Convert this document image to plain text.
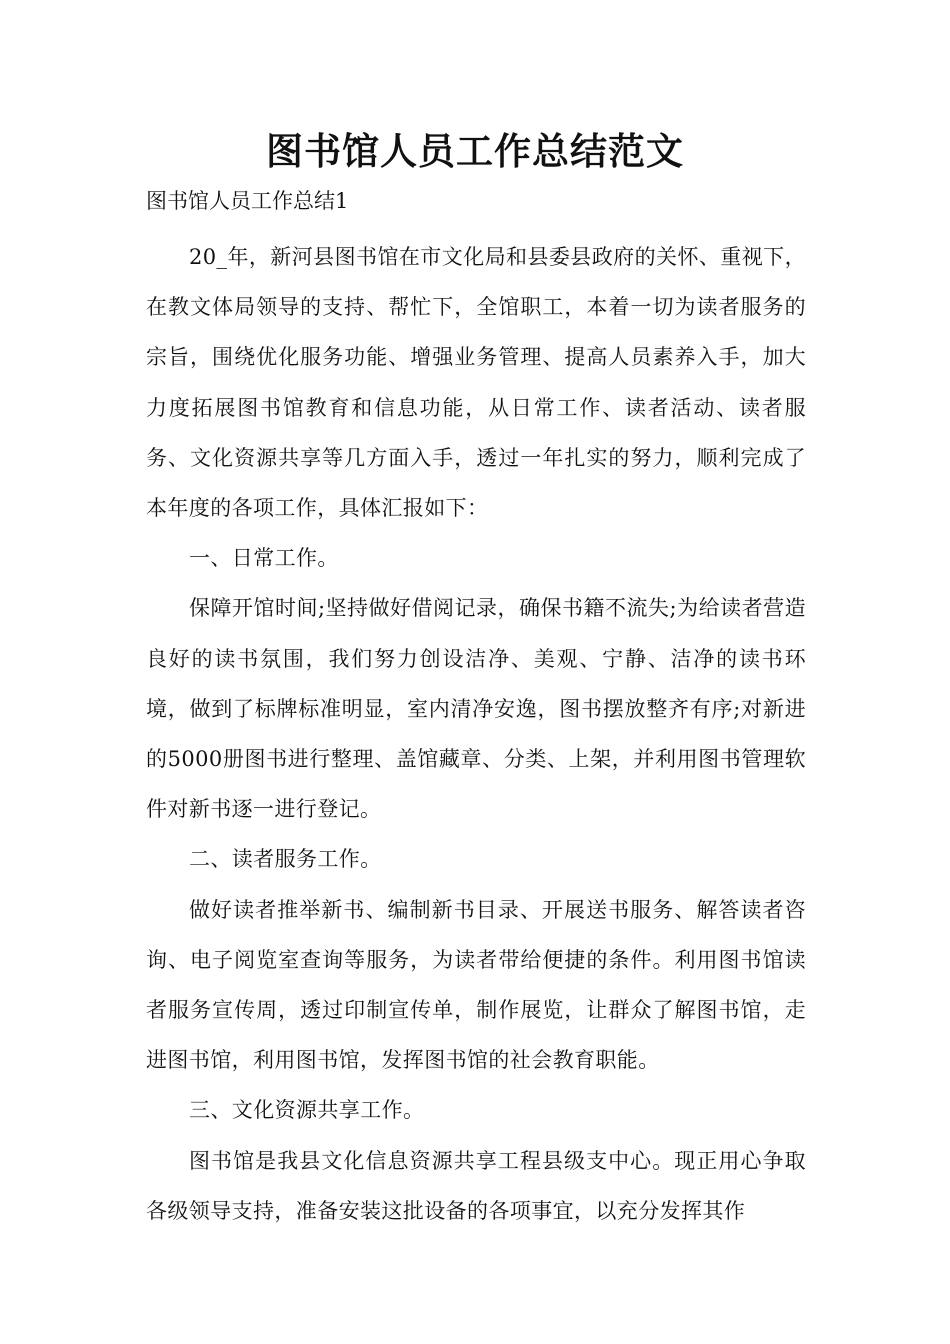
图书馆人员工作总结范文
图书馆人员工作总结1

20_年，新河县图书馆在市文化局和县委县政府的关怀、重视下，在教文体局领导的支持、帮忙下，全馆职工，本着一切为读者服务的宗旨，围绕优化服务功能、增强业务管理、提高人员素养入手，加大力度拓展图书馆教育和信息功能，从日常工作、读者活动、读者服务、文化资源共享等几方面入手，透过一年扎实的努力，顺利完成了本年度的各项工作，具体汇报如下：

一、日常工作。

保障开馆时间;坚持做好借阅记录，确保书籍不流失;为给读者营造良好的读书氛围，我们努力创设洁净、美观、宁静、洁净的读书环境，做到了标牌标准明显，室内清净安逸，图书摆放整齐有序;对新进的5000册图书进行整理、盖馆藏章、分类、上架，并利用图书管理软件对新书逐一进行登记。

二、读者服务工作。

做好读者推举新书、编制新书目录、开展送书服务、解答读者咨询、电子阅览室查询等服务，为读者带给便捷的条件。利用图书馆读者服务宣传周，透过印制宣传单，制作展览，让群众了解图书馆，走进图书馆，利用图书馆，发挥图书馆的社会教育职能。

三、文化资源共享工作。

图书馆是我县文化信息资源共享工程县级支中心。现正用心争取各级领导支持，准备安装这批设备的各项事宜，以充分发挥其作
